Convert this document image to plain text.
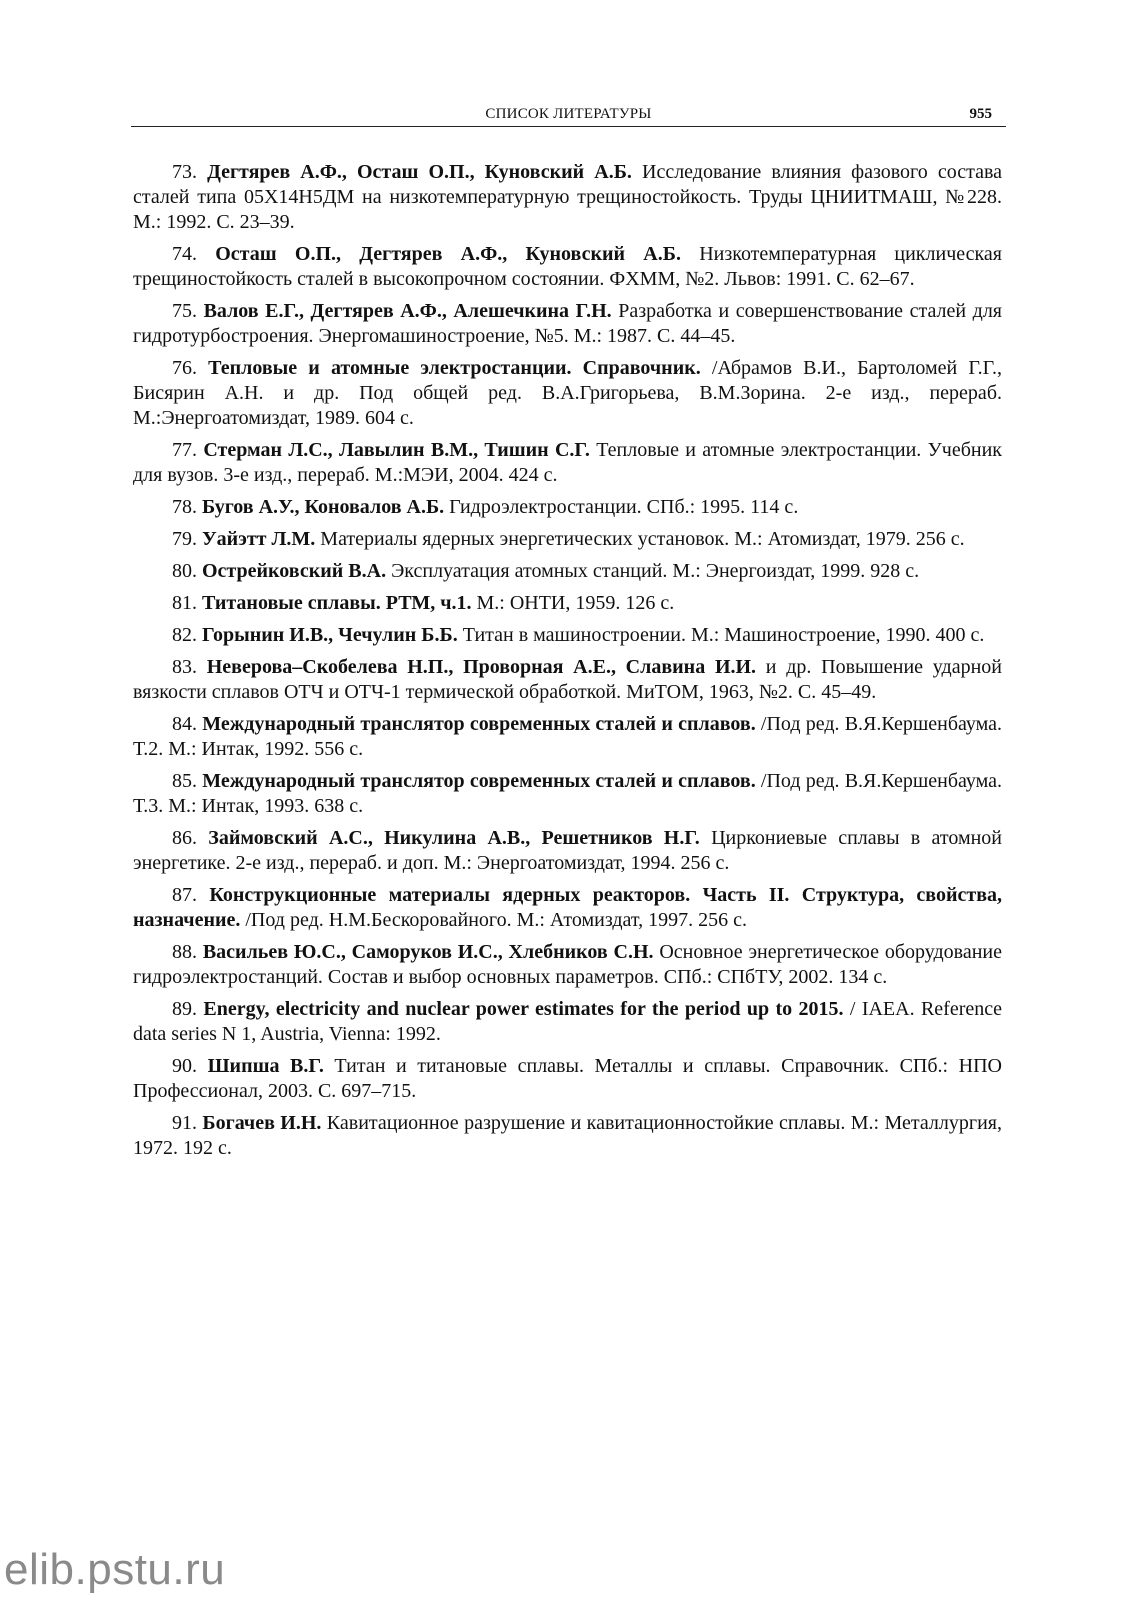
СПИСОК ЛИТЕРАТУРЫ	955

73. Дегтярев А.Ф., Осташ О.П., Куновский А.Б. Исследование влияния фазового состава сталей типа 05Х14Н5ДМ на низкотемпературную трещиностойкость. Труды ЦНИИТМАШ, №228. М.: 1992. С. 23–39.

74. Осташ О.П., Дегтярев А.Ф., Куновский А.Б. Низкотемпературная циклическая трещиностойкость сталей в высокопрочном состоянии. ФХММ, №2. Львов: 1991. С. 62–67.

75. Валов Е.Г., Дегтярев А.Ф., Алешечкина Г.Н. Разработка и совершенствование сталей для гидротурбостроения. Энергомашиностроение, №5. М.: 1987. С. 44–45.

76. Тепловые и атомные электростанции. Справочник. /Абрамов В.И., Бартоломей Г.Г., Бисярин А.Н. и др. Под общей ред. В.А.Григорьева, В.М.Зорина. 2-е изд., перераб. М.:Энергоатомиздат, 1989. 604 с.

77. Стерман Л.С., Лавылин В.М., Тишин С.Г. Тепловые и атомные электростанции. Учебник для вузов. 3-е изд., перераб. М.:МЭИ, 2004. 424 с.

78. Бугов А.У., Коновалов А.Б. Гидроэлектростанции. СПб.: 1995. 114 с.

79. Уайэтт Л.М. Материалы ядерных энергетических установок. М.: Атомиздат, 1979. 256 с.

80. Острейковский В.А. Эксплуатация атомных станций. М.: Энергоиздат, 1999. 928 с.

81. Титановые сплавы. РТМ, ч.1. М.: ОНТИ, 1959. 126 с.

82. Горынин И.В., Чечулин Б.Б. Титан в машиностроении. М.: Машиностроение, 1990. 400 с.

83. Неверова–Скобелева Н.П., Проворная А.Е., Славина И.И. и др. Повышение ударной вязкости сплавов ОТЧ и ОТЧ-1 термической обработкой. МиТОМ, 1963, №2. С. 45–49.

84. Международный транслятор современных сталей и сплавов. /Под ред. В.Я.Кершенбаума. Т.2. М.: Интак, 1992. 556 с.

85. Международный транслятор современных сталей и сплавов. /Под ред. В.Я.Кершенбаума. Т.3. М.: Интак, 1993. 638 с.

86. Займовский А.С., Никулина А.В., Решетников Н.Г. Циркониевые сплавы в атомной энергетике. 2-е изд., перераб. и доп. М.: Энергоатомиздат, 1994. 256 с.

87. Конструкционные материалы ядерных реакторов. Часть II. Структура, свойства, назначение. /Под ред. Н.М.Бескоровайного. М.: Атомиздат, 1997. 256 с.

88. Васильев Ю.С., Саморуков И.С., Хлебников С.Н. Основное энергетическое оборудование гидроэлектростанций. Состав и выбор основных параметров. СПб.: СПбТУ, 2002. 134 с.

89. Energy, electricity and nuclear power estimates for the period up to 2015. / IAEA. Reference data series N 1, Austria, Vienna: 1992.

90. Шипша В.Г. Титан и титановые сплавы. Металлы и сплавы. Справочник. СПб.: НПО Профессионал, 2003. С. 697–715.

91. Богачев И.Н. Кавитационное разрушение и кавитационностойкие сплавы. М.: Металлургия, 1972. 192 с.

elib.pstu.ru
